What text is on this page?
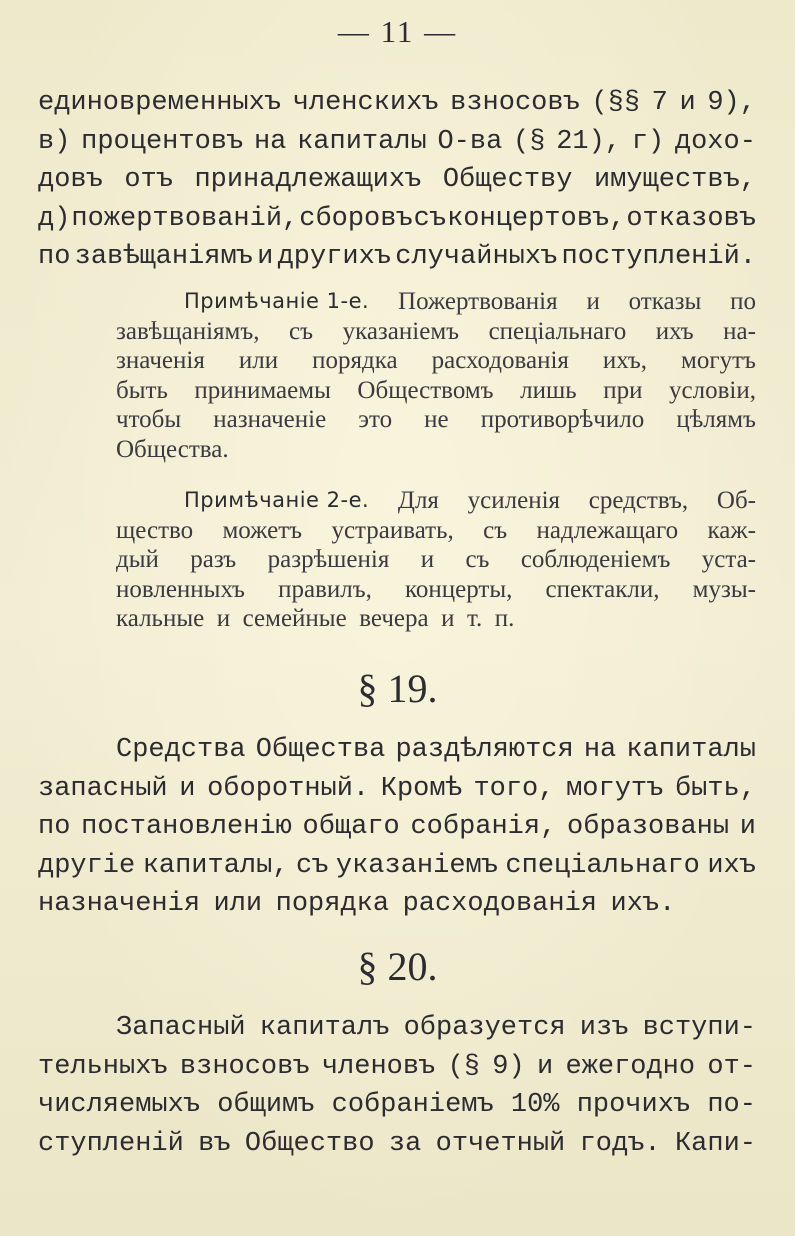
— 11 —
единовременныхъ членскихъ взносовъ (§§ 7 и 9),
в) процентовъ на капиталы О-ва (§ 21), г) дохо-
довъ отъ принадлежащихъ Обществу имуществъ,
д) пожертвованій, сборовъ съ концертовъ, отказовъ
по завѣщаніямъ и другихъ случайныхъ поступленій.
Примѣчаніе 1-е. Пожертвованія и отказы по
завѣщаніямъ, съ указаніемъ спеціальнаго ихъ на-
значенія или порядка расходованія ихъ, могутъ
быть принимаемы Обществомъ лишь при условіи,
чтобы назначеніе это не противорѣчило цѣлямъ
Общества.
Примѣчаніе 2-е. Для усиленія средствъ, Об-
щество можетъ устраивать, съ надлежащаго каж-
дый разъ разрѣшенія и съ соблюденіемъ уста-
новленныхъ правилъ, концерты, спектакли, музы-
кальные и семейные вечера и т. п.
§ 19.
Средства Общества раздѣляются на капиталы
запасный и оборотный. Кромѣ того, могутъ быть,
по постановленію общаго собранія, образованы и
другіе капиталы, съ указаніемъ спеціальнаго ихъ
назначенія или порядка расходованія ихъ.
§ 20.
Запасный капиталъ образуется изъ вступи-
тельныхъ взносовъ членовъ (§ 9) и ежегодно от-
числяемыхъ общимъ собраніемъ 10% прочихъ по-
ступленій въ Общество за отчетный годъ. Капи-
